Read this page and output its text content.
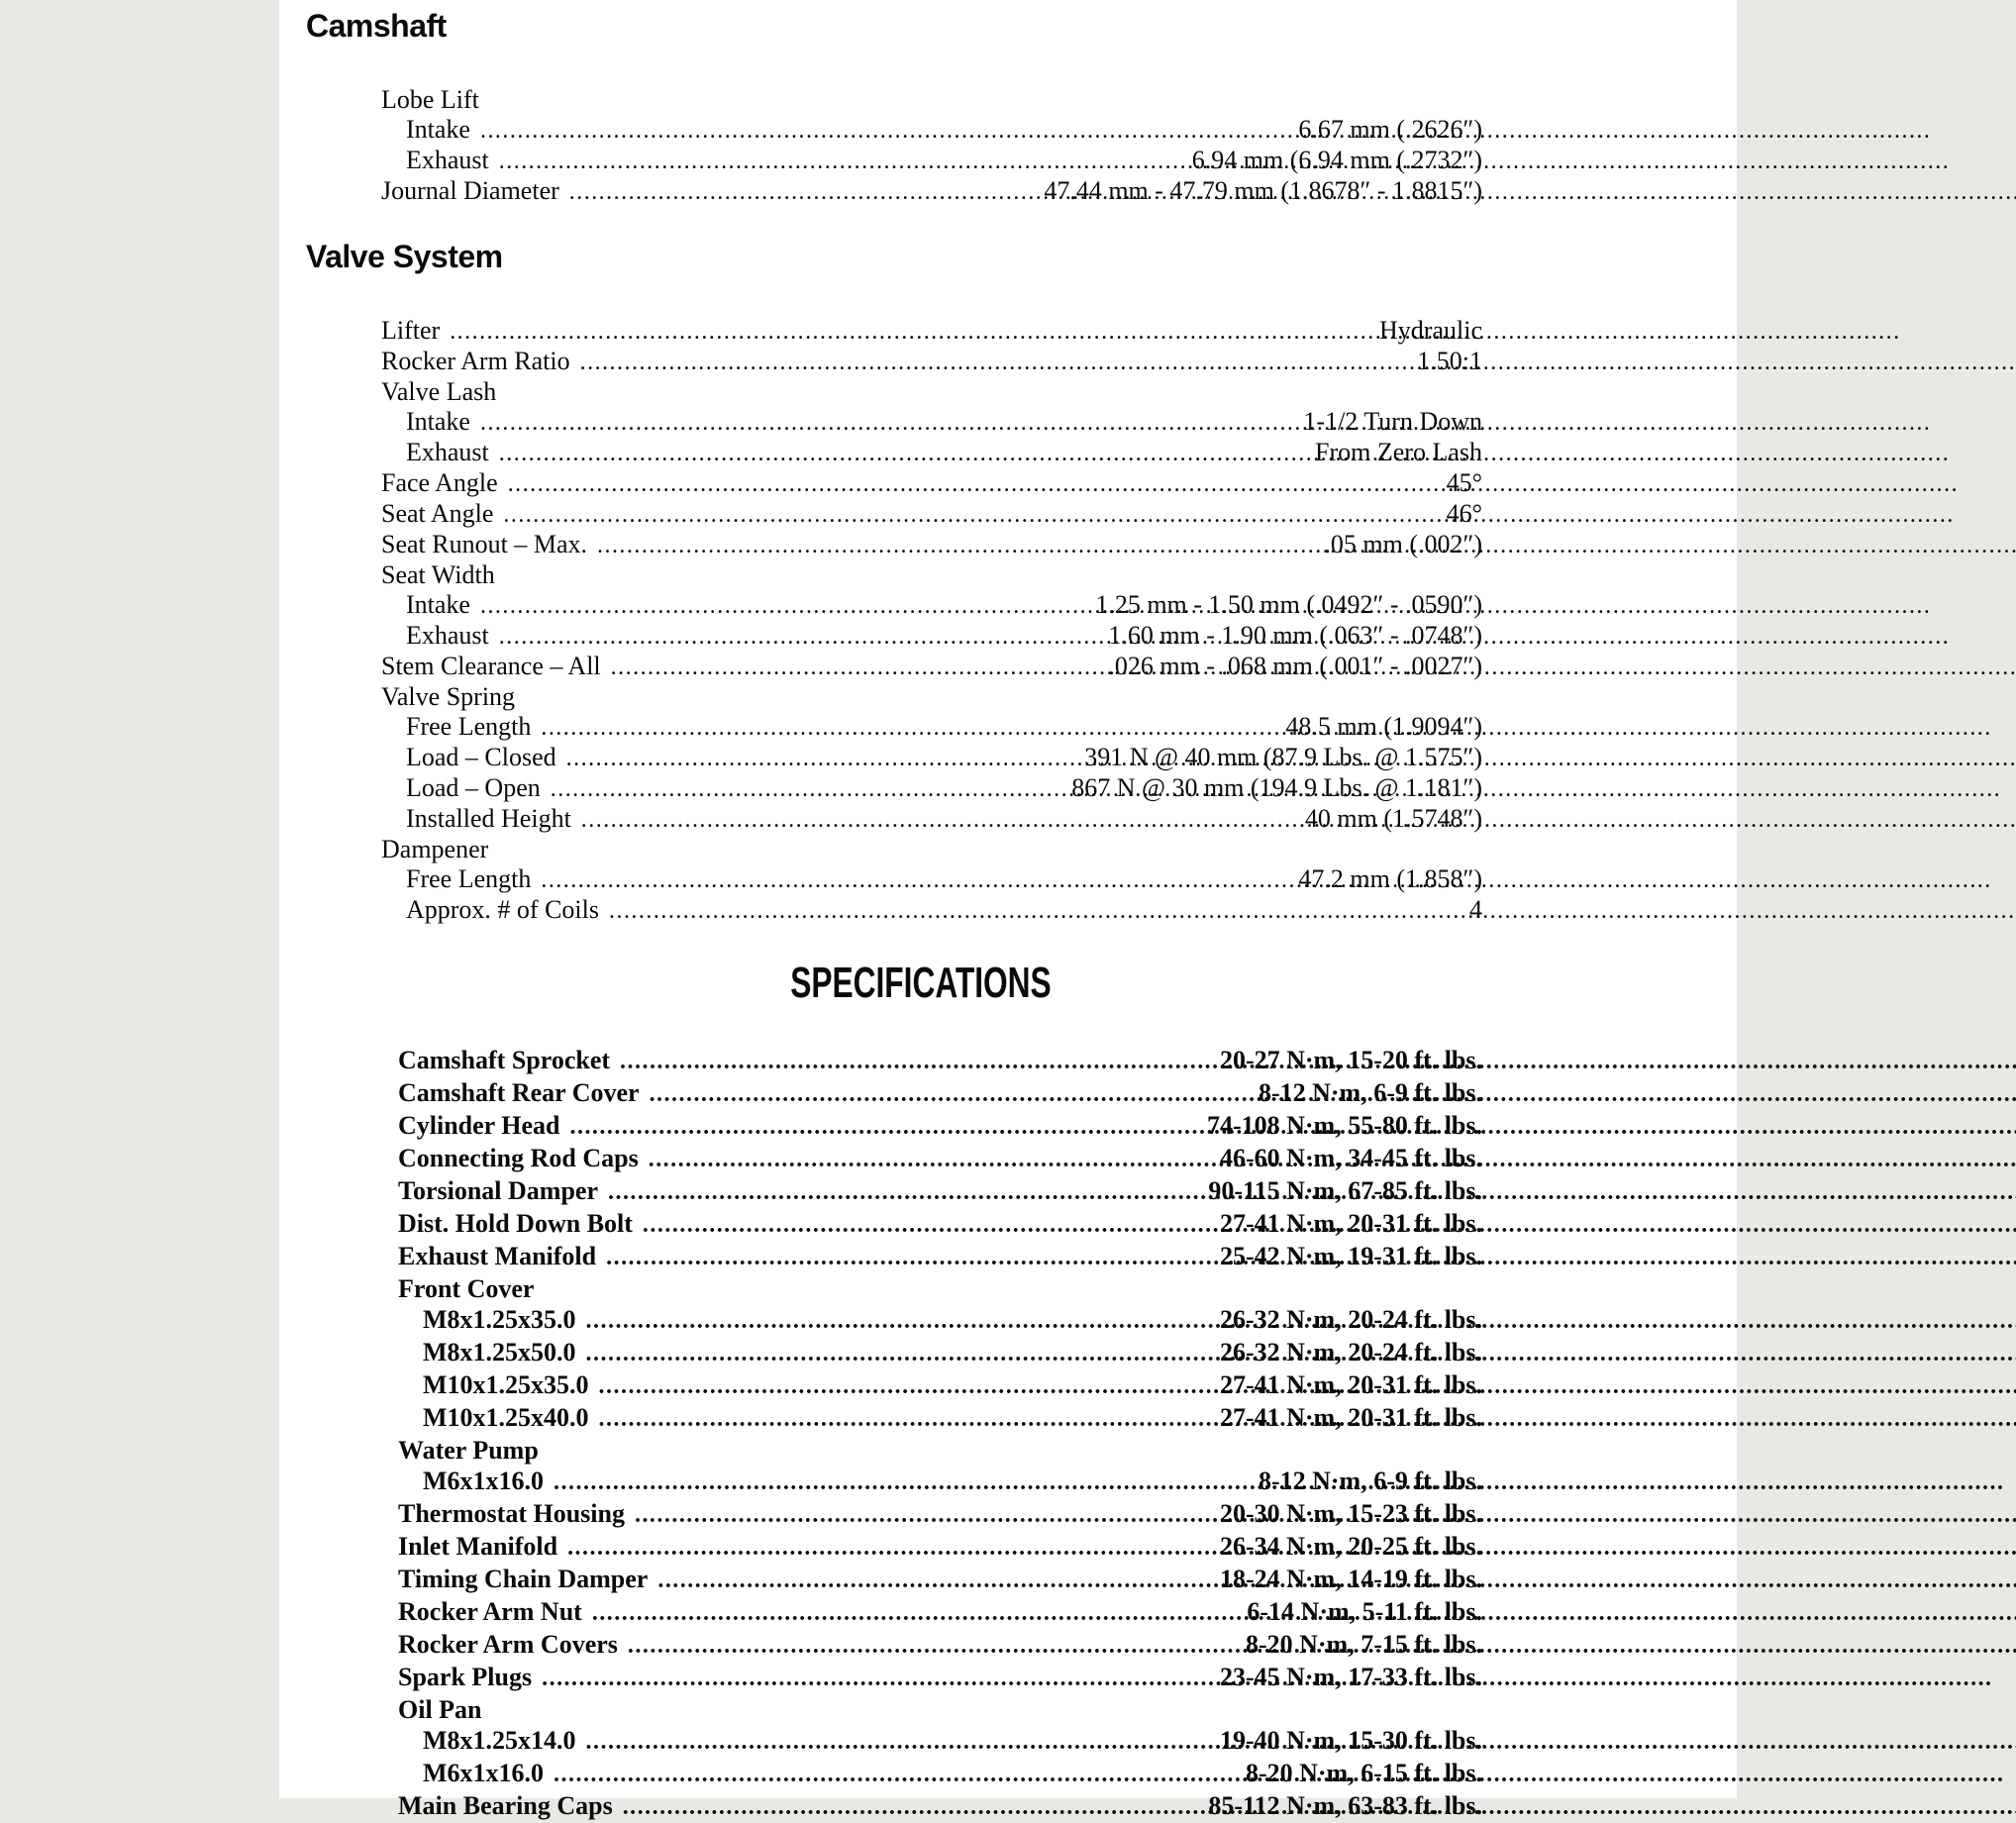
Camshaft
Lobe Lift
Intake .....	6.67 mm (.2626″)
Exhaust .....	6.94 mm (6.94 mm (.2732″)
Journal Diameter .....	47.44 mm - 47.79 mm (1.8678″ - 1.8815″)
Valve System
Lifter .....	Hydraulic
Rocker Arm Ratio .....	1.50:1
Valve Lash
Intake .....	1-1/2 Turn Down
Exhaust .....	From Zero Lash
Face Angle .....	45°
Seat Angle .....	46°
Seat Runout – Max. .....	.05 mm (.002″)
Seat Width
Intake .....	1.25 mm - 1.50 mm (.0492″ - .0590″)
Exhaust .....	1.60 mm - 1.90 mm (.063″ - .0748″)
Stem Clearance – All .....	.026 mm - .068 mm (.001″ - .0027″)
Valve Spring
Free Length .....	48.5 mm (1.9094″)
Load – Closed .....	391 N @ 40 mm (87.9 Lbs. @ 1.575″)
Load – Open .....	867 N @ 30 mm (194.9 Lbs. @ 1.181″)
Installed Height .....	40 mm (1.5748″)
Dampener
Free Length .....	47.2 mm (1.858″)
Approx. # of Coils .....	4
SPECIFICATIONS
Camshaft Sprocket .....	20-27 N·m, 15-20 ft. lbs.
Camshaft Rear Cover .....	8-12 N·m, 6-9 ft. lbs.
Cylinder Head .....	74-108 N·m, 55-80 ft. lbs.
Connecting Rod Caps .....	46-60 N·m, 34-45 ft. lbs.
Torsional Damper .....	90-115 N·m, 67-85 ft. lbs.
Dist. Hold Down Bolt .....	27-41 N·m, 20-31 ft. lbs.
Exhaust Manifold .....	25-42 N·m, 19-31 ft. lbs.
Front Cover
M8x1.25x35.0 .....	26-32 N·m, 20-24 ft. lbs.
M8x1.25x50.0 .....	26-32 N·m, 20-24 ft. lbs.
M10x1.25x35.0 .....	27-41 N·m, 20-31 ft. lbs.
M10x1.25x40.0 .....	27-41 N·m, 20-31 ft. lbs.
Water Pump
M6x1x16.0 .....	8-12 N·m, 6-9 ft. lbs.
Thermostat Housing .....	20-30 N·m, 15-23 ft. lbs.
Inlet Manifold .....	26-34 N·m, 20-25 ft. lbs.
Timing Chain Damper .....	18-24 N·m, 14-19 ft. lbs.
Rocker Arm Nut .....	6-14 N·m, 5-11 ft. lbs.
Rocker Arm Covers .....	8-20 N·m, 7-15 ft. lbs.
Spark Plugs .....	23-45 N·m, 17-33 ft. lbs.
Oil Pan
M8x1.25x14.0 .....	19-40 N·m, 15-30 ft. lbs.
M6x1x16.0 .....	8-20 N·m, 6-15 ft. lbs.
Main Bearing Caps .....	85-112 N·m, 63-83 ft. lbs.
